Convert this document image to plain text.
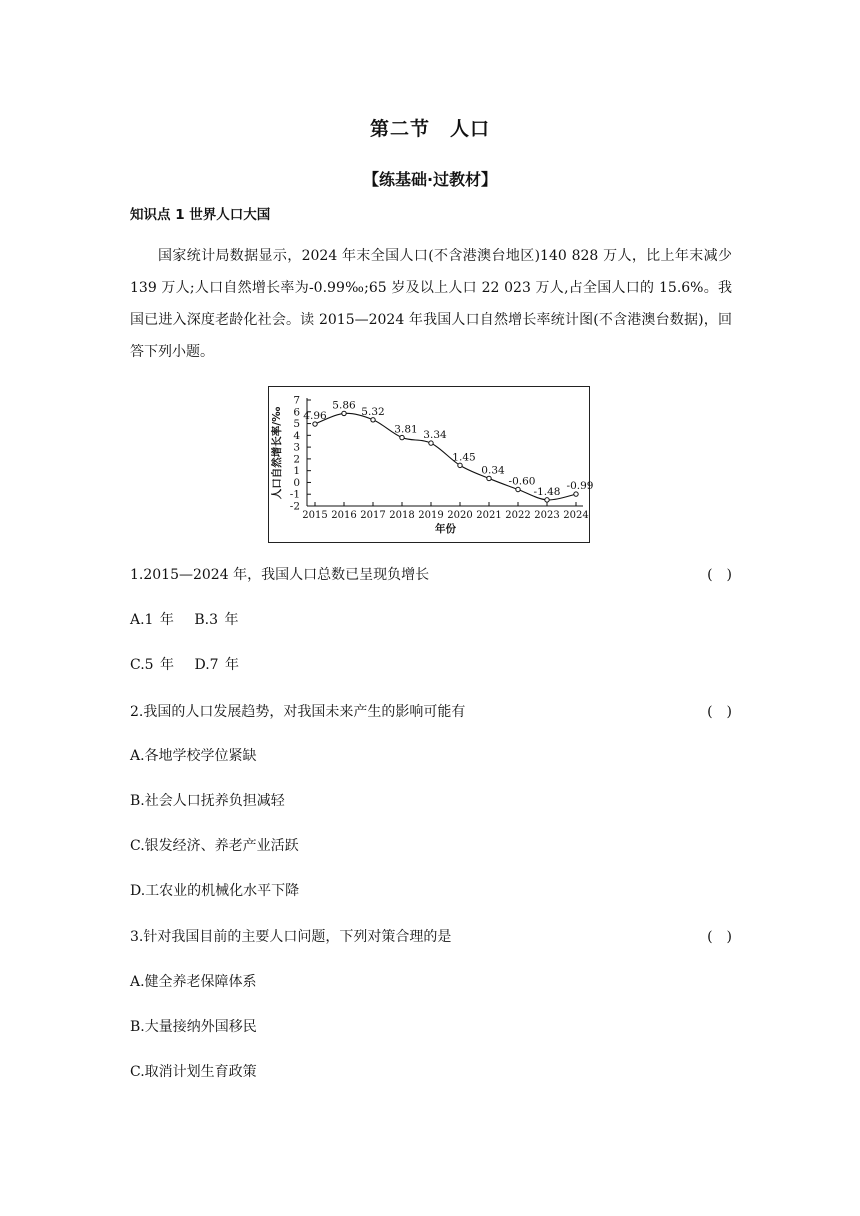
第二节　人口
【练基础·过教材】
知识点 1 世界人口大国
国家统计局数据显示，2024 年末全国人口(不含港澳台地区)140 828 万人，比上年末减少 139 万人;人口自然增长率为-0.99‰;65 岁及以上人口 22 023 万人,占全国人口的 15.6%。我国已进入深度老龄化社会。读 2015—2024 年我国人口自然增长率统计图(不含港澳台数据)，回答下列小题。
7
6
5
4
3
2
1
0
-1
-2
2015 2016 2017 2018 2019 2020 2021 2022 2023 2024
年份
人口自然增长率/‰ 4.96
5.86
5.32
3.81 3.34
1.45
0.34
-0.60
-1.48 -0.99
1.2015—2024 年，我国人口总数已呈现负增长	(　)
A.1 年　 B.3 年
C.5 年　 D.7 年
2.我国的人口发展趋势，对我国未来产生的影响可能有	(　)
A.各地学校学位紧缺
B.社会人口抚养负担减轻
C.银发经济、养老产业活跃
D.工农业的机械化水平下降
3.针对我国目前的主要人口问题，下列对策合理的是	(　)
A.健全养老保障体系
B.大量接纳外国移民
C.取消计划生育政策
